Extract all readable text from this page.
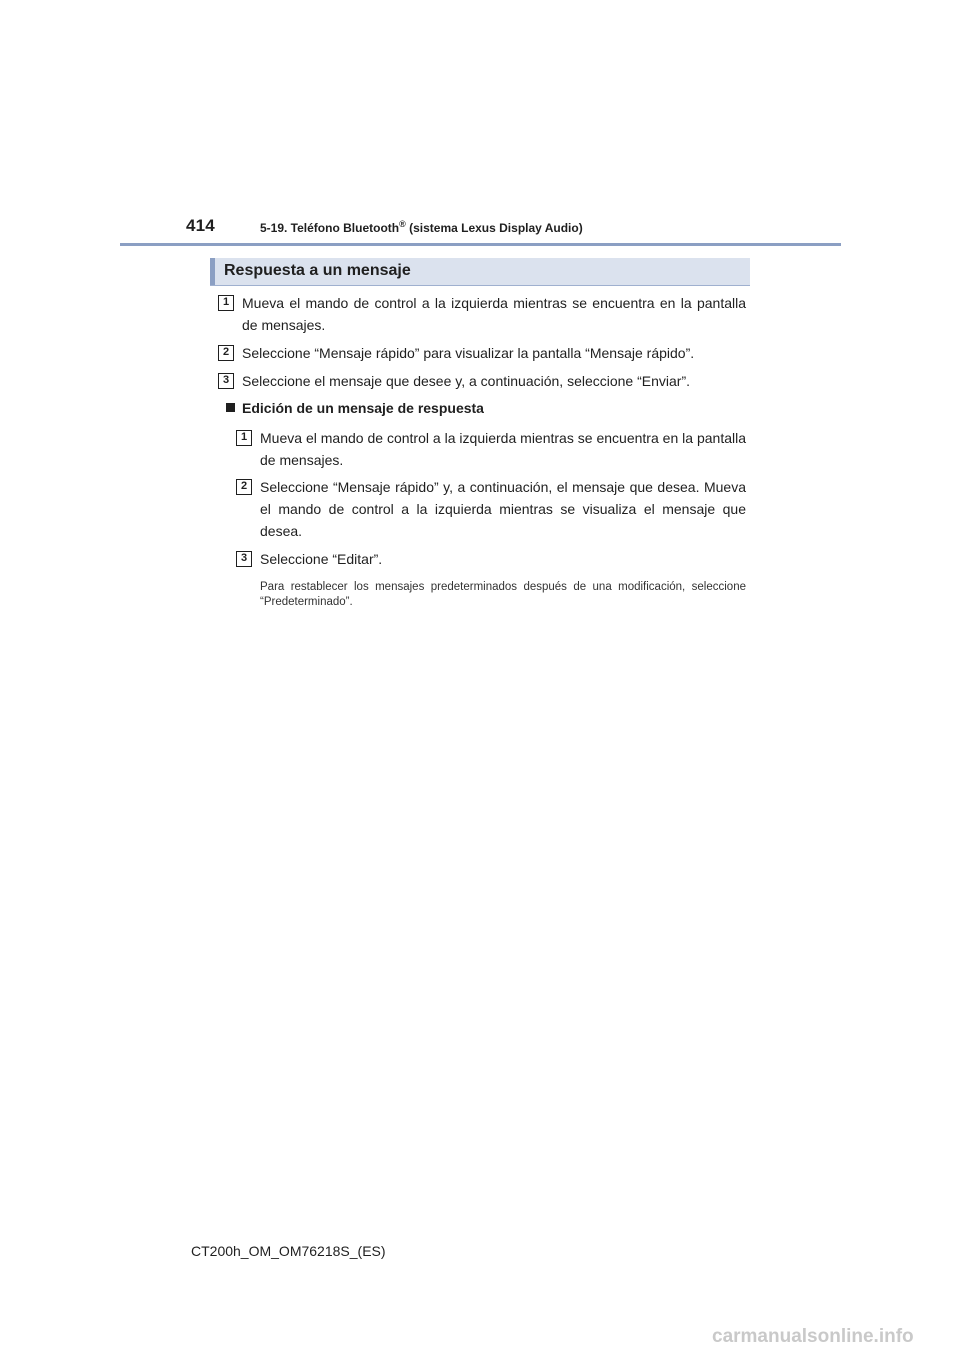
414	5-19. Teléfono Bluetooth® (sistema Lexus Display Audio)
Respuesta a un mensaje
1 Mueva el mando de control a la izquierda mientras se encuentra en la pantalla de mensajes.
2 Seleccione “Mensaje rápido” para visualizar la pantalla “Mensaje rápido”.
3 Seleccione el mensaje que desee y, a continuación, seleccione “Enviar”.
Edición de un mensaje de respuesta
1 Mueva el mando de control a la izquierda mientras se encuentra en la pantalla de mensajes.
2 Seleccione “Mensaje rápido” y, a continuación, el mensaje que desea. Mueva el mando de control a la izquierda mientras se visualiza el mensaje que desea.
3 Seleccione “Editar”.
Para restablecer los mensajes predeterminados después de una modificación, seleccione “Predeterminado”.
CT200h_OM_OM76218S_(ES)
carmanualsonline.info
